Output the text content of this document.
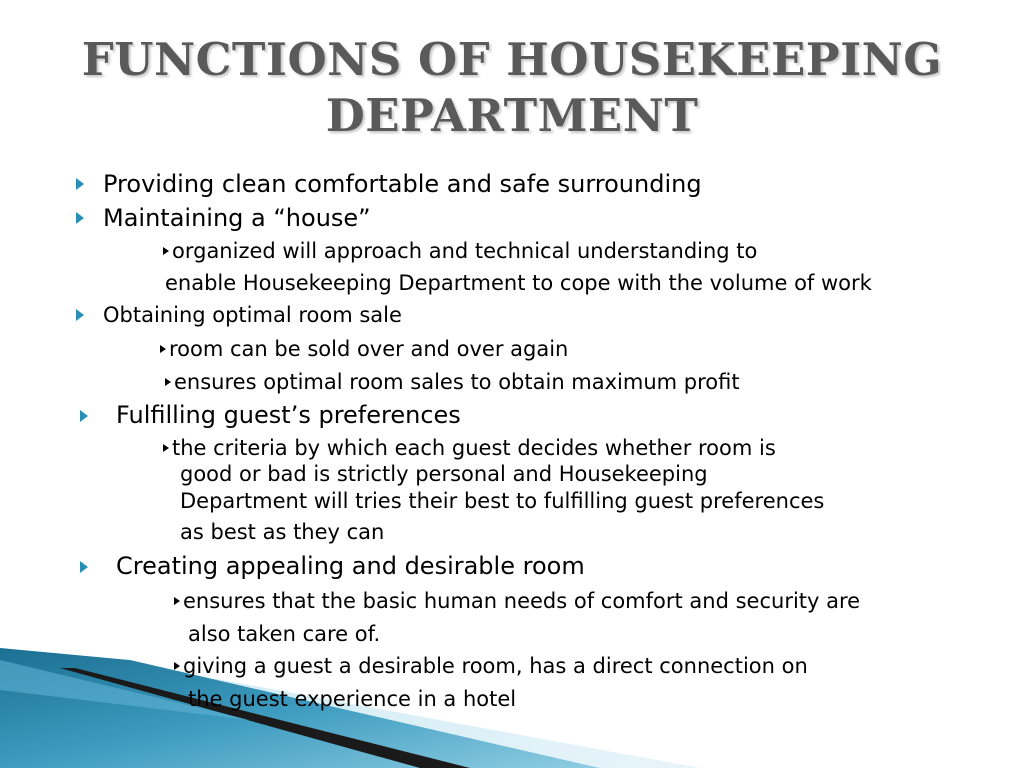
FUNCTIONS OF HOUSEKEEPING
DEPARTMENT
Providing clean comfortable and safe surrounding
Maintaining a “house”
organized will approach and technical understanding to
enable Housekeeping Department to cope with the volume of work
Obtaining optimal room sale
room can be sold over and over again
ensures optimal room sales to obtain maximum profit
Fulfilling guest’s preferences
the criteria by which each guest decides whether room is
good or bad is strictly personal and Housekeeping
Department will tries their best to fulfilling guest preferences
as best as they can
Creating appealing and desirable room
ensures that the basic human needs of comfort and security are
also taken care of.
giving a guest a desirable room, has a direct connection on
the guest experience in a hotel
